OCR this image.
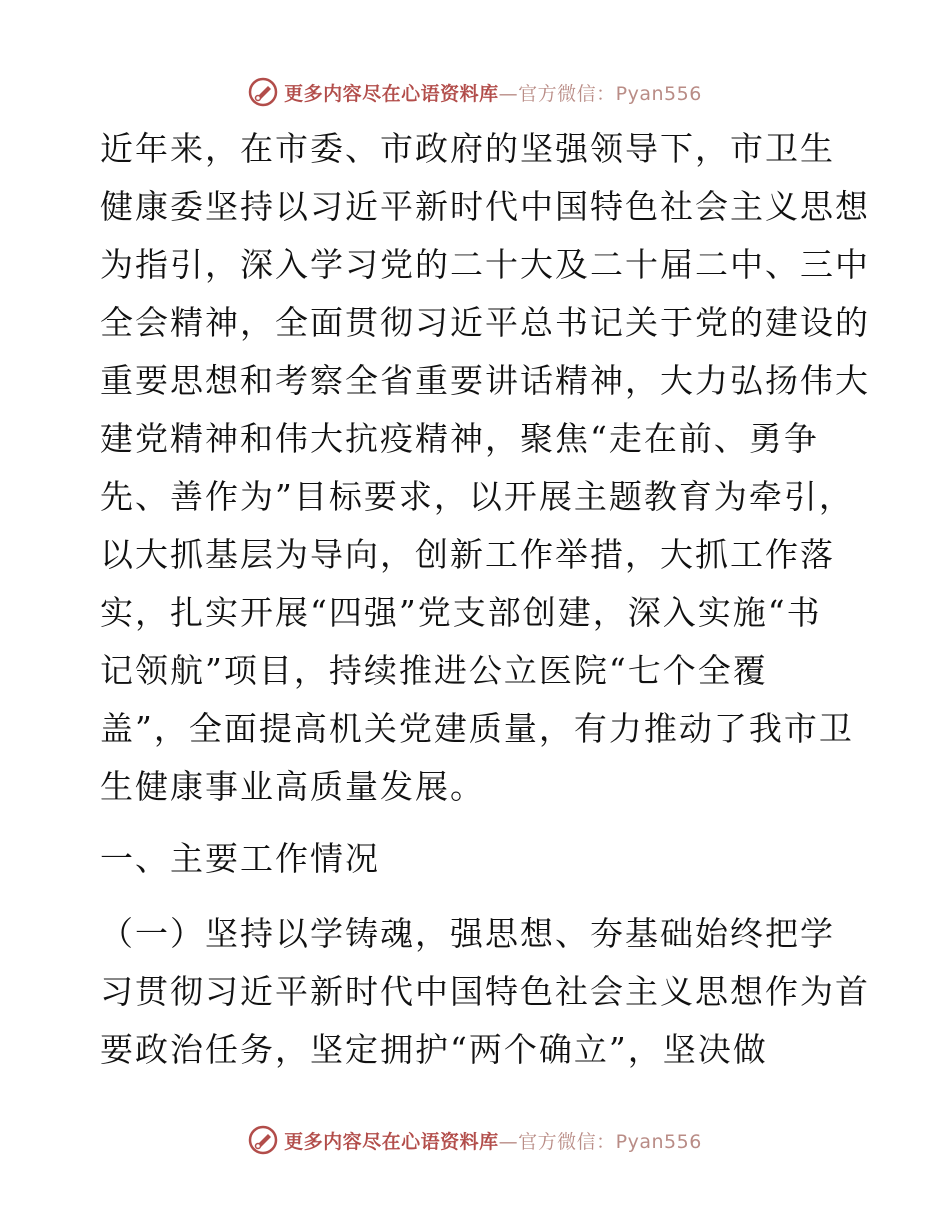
更多内容尽在心语资料库—官方微信：Pyan556
近年来，在市委、市政府的坚强领导下，市卫生
健康委坚持以习近平新时代中国特色社会主义思想
为指引，深入学习党的二十大及二十届二中、三中
全会精神，全面贯彻习近平总书记关于党的建设的
重要思想和考察全省重要讲话精神，大力弘扬伟大
建党精神和伟大抗疫精神，聚焦“走在前、勇争
先、善作为”目标要求，以开展主题教育为牵引，
以大抓基层为导向，创新工作举措，大抓工作落
实，扎实开展“四强”党支部创建，深入实施“书
记领航”项目，持续推进公立医院“七个全覆
盖”，全面提高机关党建质量，有力推动了我市卫
生健康事业高质量发展。
一、主要工作情况
（一）坚持以学铸魂，强思想、夯基础始终把学
习贯彻习近平新时代中国特色社会主义思想作为首
要政治任务，坚定拥护“两个确立”，坚决做
更多内容尽在心语资料库—官方微信：Pyan556
